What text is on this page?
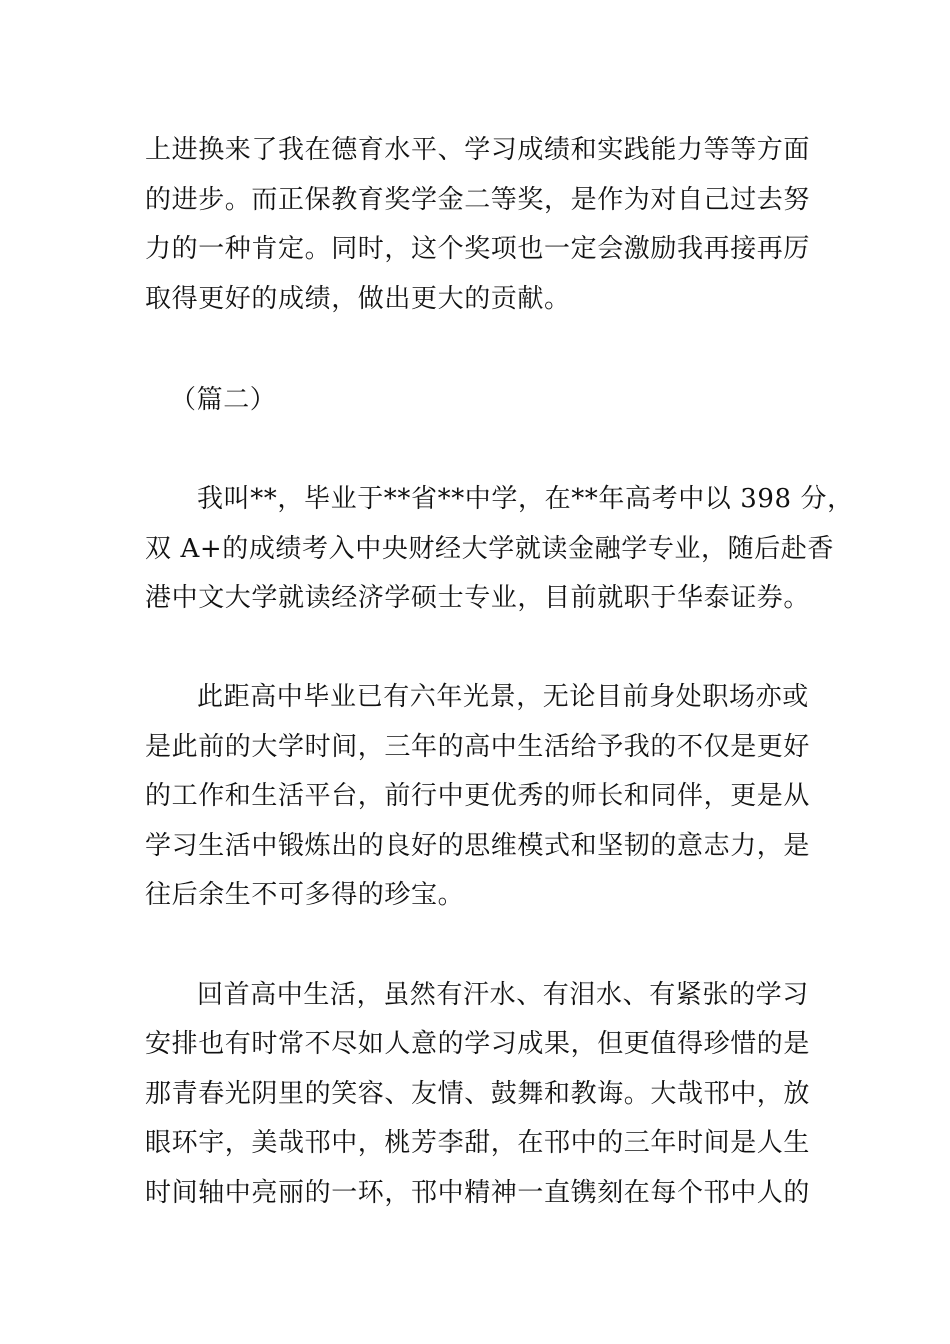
上进换来了我在德育水平、学习成绩和实践能力等等方面
的进步。而正保教育奖学金二等奖，是作为对自己过去努
力的一种肯定。同时，这个奖项也一定会激励我再接再厉
取得更好的成绩，做出更大的贡献。
（篇二）
我叫**，毕业于**省**中学，在**年高考中以 398 分，
双 A+的成绩考入中央财经大学就读金融学专业，随后赴香
港中文大学就读经济学硕士专业，目前就职于华泰证券。
此距高中毕业已有六年光景，无论目前身处职场亦或
是此前的大学时间，三年的高中生活给予我的不仅是更好
的工作和生活平台，前行中更优秀的师长和同伴，更是从
学习生活中锻炼出的良好的思维模式和坚韧的意志力，是
往后余生不可多得的珍宝。
回首高中生活，虽然有汗水、有泪水、有紧张的学习
安排也有时常不尽如人意的学习成果，但更值得珍惜的是
那青春光阴里的笑容、友情、鼓舞和教诲。大哉邗中，放
眼环宇，美哉邗中，桃芳李甜，在邗中的三年时间是人生
时间轴中亮丽的一环，邗中精神一直镌刻在每个邗中人的
